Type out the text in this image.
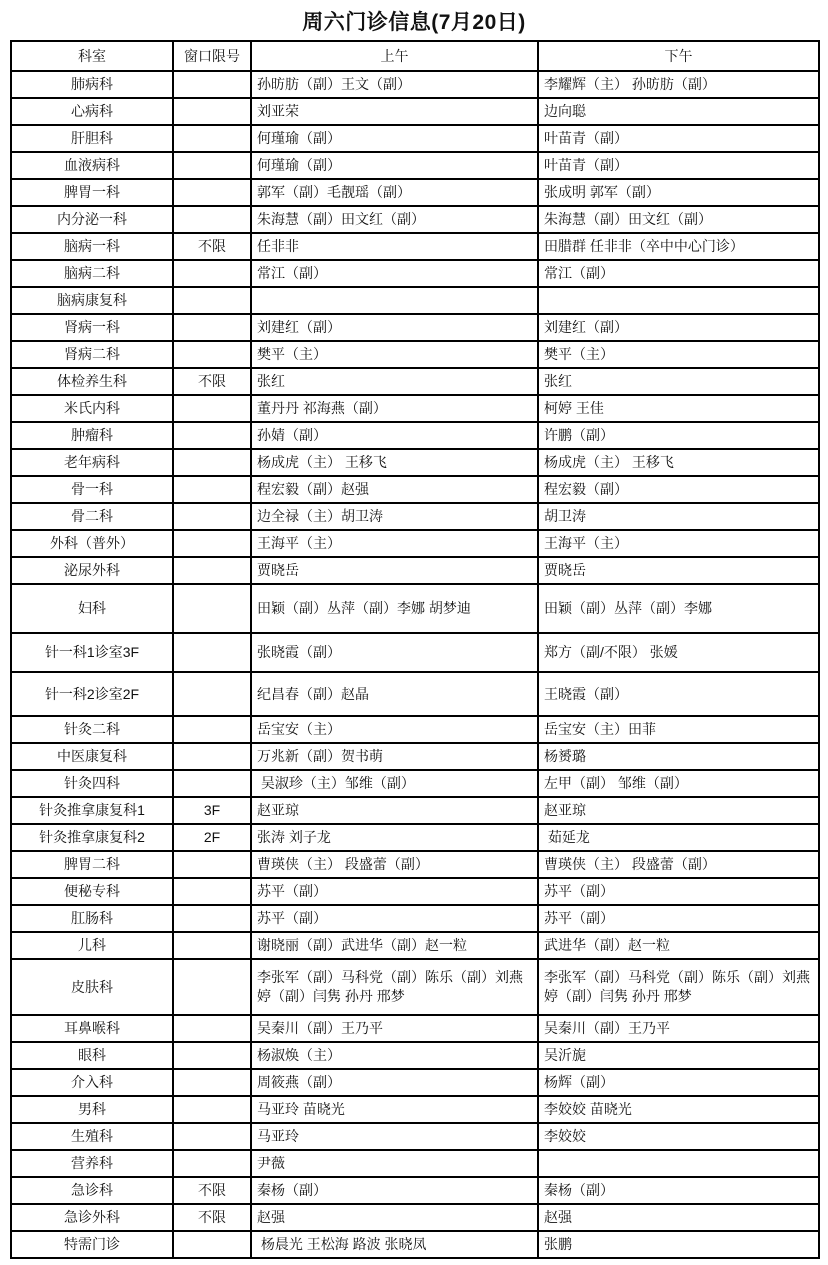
周六门诊信息(7月20日)
科室	窗口限号	上午	下午
肺病科		孙昉肪（副）王文（副）	李耀辉（主） 孙昉肪（副）
心病科		刘亚荣	边向聪
肝胆科		何瑾瑜（副）	叶苗青（副）
血液病科		何瑾瑜（副）	叶苗青（副）
脾胃一科		郭军（副）毛靓瑶（副）	张成明 郭军（副）
内分泌一科		朱海慧（副）田文红（副）	朱海慧（副）田文红（副）
脑病一科	不限	任非非	田腊群 任非非（卒中中心门诊）
脑病二科		常江（副）	常江（副）
脑病康复科			
肾病一科		刘建红（副）	刘建红（副）
肾病二科		樊平（主）	樊平（主）
体检养生科	不限	张红	张红
米氏内科		董丹丹 祁海燕（副）	柯婷 王佳
肿瘤科		孙婧（副）	许鹏（副）
老年病科		杨成虎（主） 王移飞	杨成虎（主） 王移飞
骨一科		程宏毅（副）赵强	程宏毅（副）
骨二科		边全禄（主）胡卫涛	胡卫涛
外科（普外）		王海平（主）	王海平（主）
泌尿外科		贾晓岳	贾晓岳
妇科		田颖（副）丛萍（副）李娜 胡梦迪	田颖（副）丛萍（副）李娜
针一科1诊室3F		张晓霞（副）	郑方（副/不限） 张媛
针一科2诊室2F		纪昌春（副）赵晶	王晓霞（副）
针灸二科		岳宝安（主）	岳宝安（主）田菲
中医康复科		万兆新（副）贺书萌	杨赟璐
针灸四科		吴淑珍（主）邹维（副）	左甲（副） 邹维（副）
针灸推拿康复科1	3F	赵亚琼	赵亚琼
针灸推拿康复科2	2F	张涛 刘子龙	茹延龙
脾胃二科		曹瑛侠（主） 段盛蕾（副）	曹瑛侠（主） 段盛蕾（副）
便秘专科		苏平（副）	苏平（副）
肛肠科		苏平（副）	苏平（副）
儿科		谢晓丽（副）武进华（副）赵一粒	武进华（副）赵一粒
皮肤科		李张军（副）马科党（副）陈乐（副）刘燕婷（副）闫隽 孙丹 邢梦	李张军（副）马科党（副）陈乐（副）刘燕婷（副）闫隽 孙丹 邢梦
耳鼻喉科		吴秦川（副）王乃平	吴秦川（副）王乃平
眼科		杨淑焕（主）	吴沂旎
介入科		周筱燕（副）	杨辉（副）
男科		马亚玲 苗晓光	李姣姣 苗晓光
生殖科		马亚玲	李姣姣
营养科		尹薇	
急诊科	不限	秦杨（副）	秦杨（副）
急诊外科	不限	赵强	赵强
特需门诊		杨晨光 王松海 路波 张晓凤	张鹏
